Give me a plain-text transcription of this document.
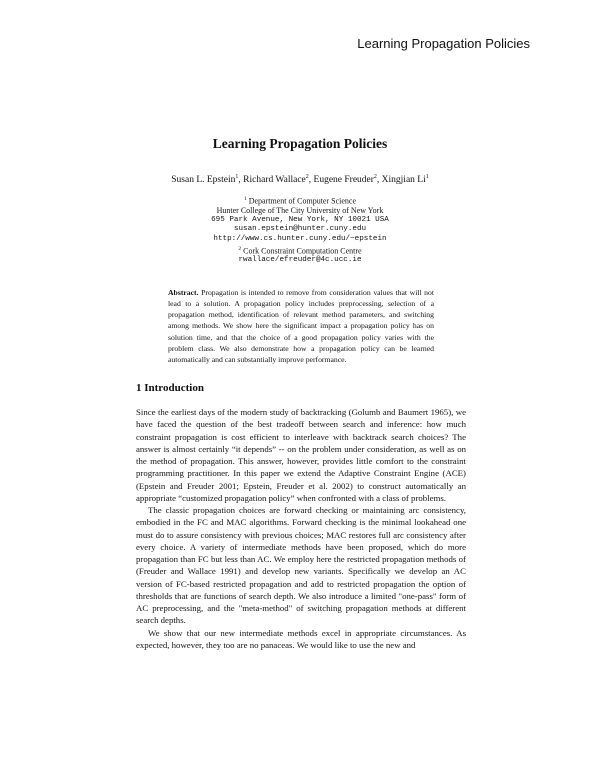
Learning Propagation Policies
Learning Propagation Policies
Susan L. Epstein$^1$, Richard Wallace$^2$, Eugene Freuder$^2$, Xingjian Li$^1$
$^1$ Department of Computer Science
Hunter College of The City University of New York
695 Park Avenue, New York, NY 10021 USA
susan.epstein@hunter.cuny.edu
http://www.cs.hunter.cuny.edu/~epstein
$^2$ Cork Constraint Computation Centre
rwallace/efreuder@4c.ucc.ie
Abstract. Propagation is intended to remove from consideration values that will not lead to a solution. A propagation policy includes preprocessing, selection of a propagation method, identification of relevant method parameters, and switching among methods. We show here the significant impact a propagation policy has on solution time, and that the choice of a good propagation policy varies with the problem class. We also demonstrate how a propagation policy can be learned automatically and can substantially improve performance.
1 Introduction

Since the earliest days of the modern study of backtracking (Golumb and Baumert 1965), we have faced the question of the best tradeoff between search and inference: how much constraint propagation is cost efficient to interleave with backtrack search choices? The answer is almost certainly “it depends” -- on the problem under consideration, as well as on the method of propagation. This answer, however, provides little comfort to the constraint programming practitioner. In this paper we extend the Adaptive Constraint Engine (ACE) (Epstein and Freuder 2001; Epstein, Freuder et al. 2002) to construct automatically an appropriate “customized propagation policy” when confronted with a class of problems.

The classic propagation choices are forward checking or maintaining arc consistency, embodied in the FC and MAC algorithms. Forward checking is the minimal lookahead one must do to assure consistency with previous choices; MAC restores full arc consistency after every choice. A variety of intermediate methods have been proposed, which do more propagation than FC but less than AC. We employ here the restricted propagation methods of (Freuder and Wallace 1991) and develop new variants. Specifically we develop an AC version of FC-based restricted propagation and add to restricted propagation the option of thresholds that are functions of search depth. We also introduce a limited "one-pass" form of AC preprocessing, and the "meta-method" of switching propagation methods at different search depths.

We show that our new intermediate methods excel in appropriate circumstances. As expected, however, they too are no panaceas. We would like to use the new and
